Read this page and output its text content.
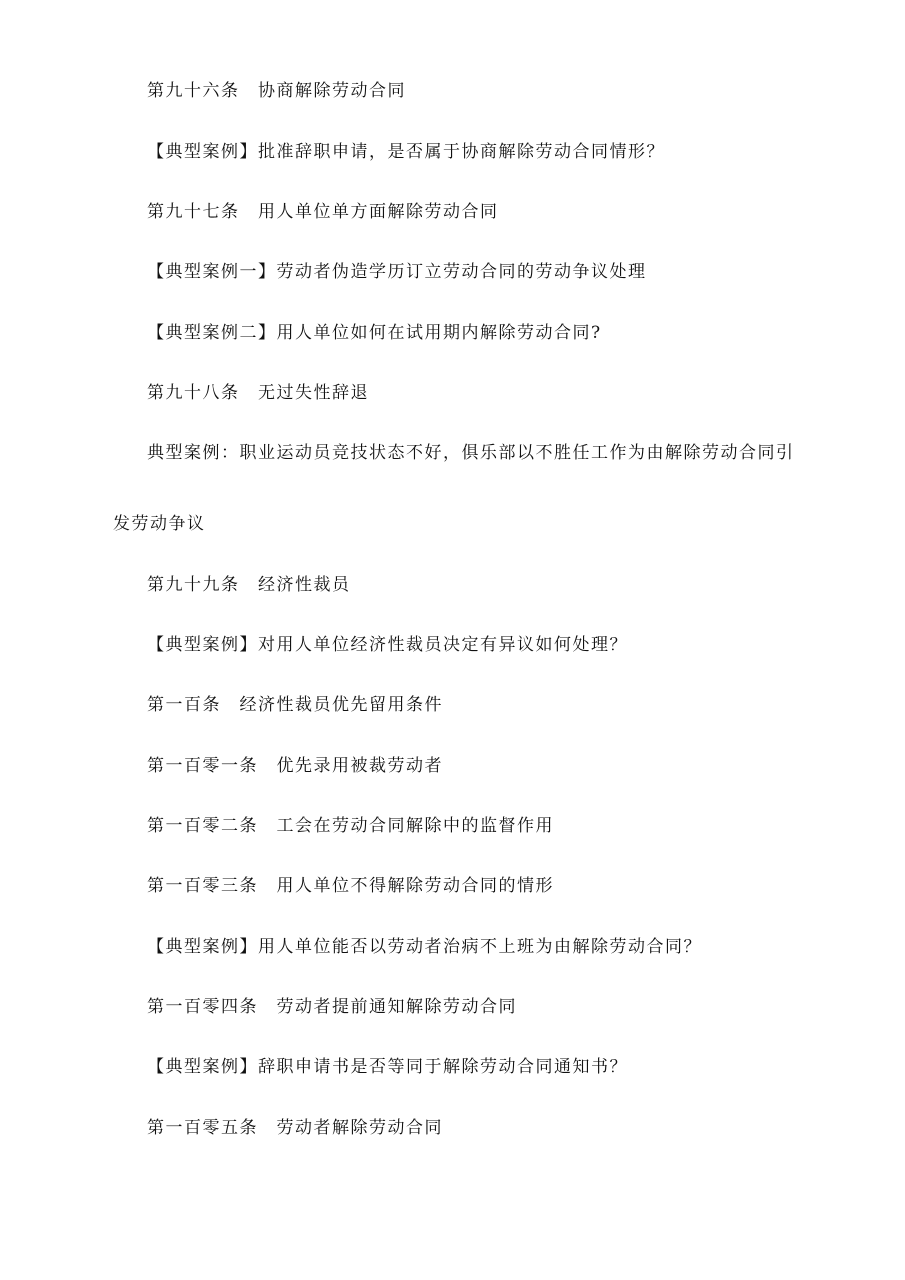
第九十六条　协商解除劳动合同
【典型案例】批准辞职申请，是否属于协商解除劳动合同情形？
第九十七条　用人单位单方面解除劳动合同
【典型案例一】劳动者伪造学历订立劳动合同的劳动争议处理
【典型案例二】用人单位如何在试用期内解除劳动合同?
第九十八条　无过失性辞退
典型案例：职业运动员竞技状态不好，俱乐部以不胜任工作为由解除劳动合同引
发劳动争议
第九十九条　经济性裁员
【典型案例】对用人单位经济性裁员决定有异议如何处理？
第一百条　经济性裁员优先留用条件
第一百零一条　优先录用被裁劳动者
第一百零二条　工会在劳动合同解除中的监督作用
第一百零三条　用人单位不得解除劳动合同的情形
【典型案例】用人单位能否以劳动者治病不上班为由解除劳动合同？
第一百零四条　劳动者提前通知解除劳动合同
【典型案例】辞职申请书是否等同于解除劳动合同通知书？
第一百零五条　劳动者解除劳动合同
